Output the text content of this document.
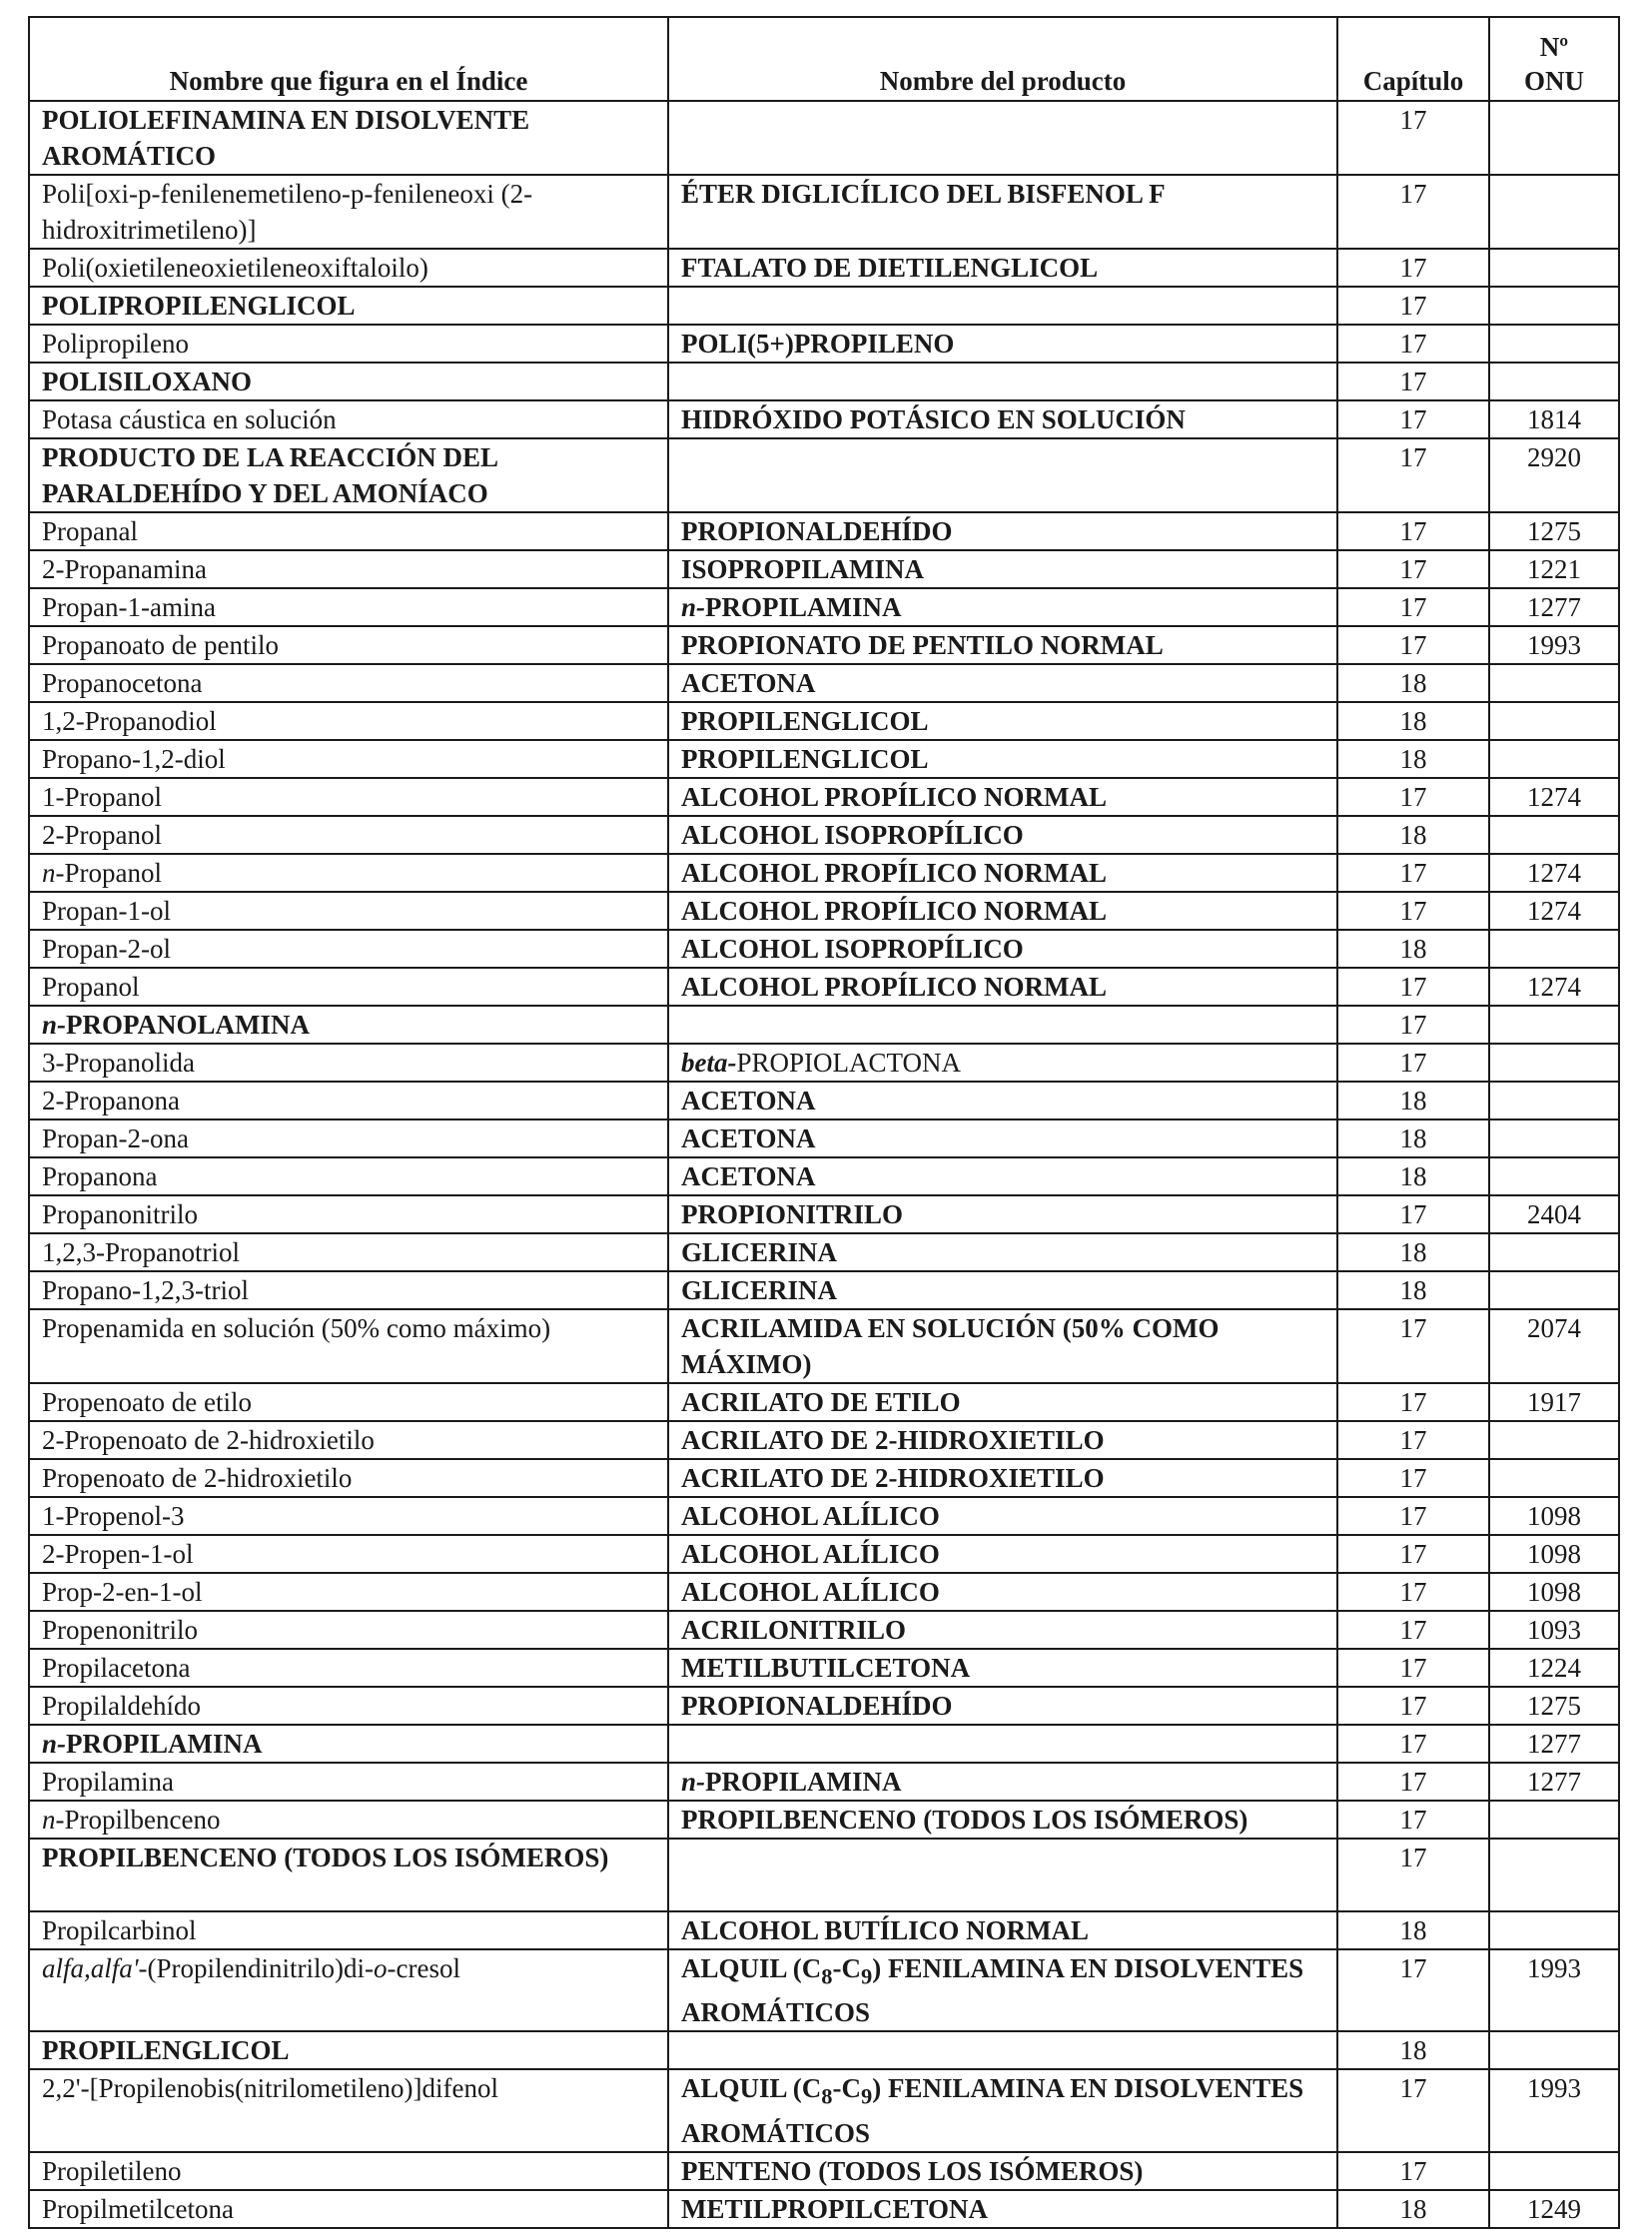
Nombre que figura en el Índice	Nombre del producto	Capítulo	Nº
ONU
POLIOLEFINAMINA EN DISOLVENTE AROMÁTICO		17	
Poli[oxi-p-fenilenemetileno-p-fenileneoxi (2-hidroxitrimetileno)]	ÉTER DIGLICÍLICO DEL BISFENOL F	17	
Poli(oxietileneoxietileneoxiftaloilo)	FTALATO DE DIETILENGLICOL	17	
POLIPROPILENGLICOL		17	
Polipropileno	POLI(5+)PROPILENO	17	
POLISILOXANO		17	
Potasa cáustica en solución	HIDRÓXIDO POTÁSICO EN SOLUCIÓN	17	1814
PRODUCTO DE LA REACCIÓN DEL PARALDEHÍDO Y DEL AMONÍACO		17	2920
Propanal	PROPIONALDEHÍDO	17	1275
2-Propanamina	ISOPROPILAMINA	17	1221
Propan-1-amina	n-PROPILAMINA	17	1277
Propanoato de pentilo	PROPIONATO DE PENTILO NORMAL	17	1993
Propanocetona	ACETONA	18	
1,2-Propanodiol	PROPILENGLICOL	18	
Propano-1,2-diol	PROPILENGLICOL	18	
1-Propanol	ALCOHOL PROPÍLICO NORMAL	17	1274
2-Propanol	ALCOHOL ISOPROPÍLICO	18	
n-Propanol	ALCOHOL PROPÍLICO NORMAL	17	1274
Propan-1-ol	ALCOHOL PROPÍLICO NORMAL	17	1274
Propan-2-ol	ALCOHOL ISOPROPÍLICO	18	
Propanol	ALCOHOL PROPÍLICO NORMAL	17	1274
n-PROPANOLAMINA		17	
3-Propanolida	beta-PROPIOLACTONA	17	
2-Propanona	ACETONA	18	
Propan-2-ona	ACETONA	18	
Propanona	ACETONA	18	
Propanonitrilo	PROPIONITRILO	17	2404
1,2,3-Propanotriol	GLICERINA	18	
Propano-1,2,3-triol	GLICERINA	18	
Propenamida en solución (50% como máximo)	ACRILAMIDA EN SOLUCIÓN (50% COMO MÁXIMO)	17	2074
Propenoato de etilo	ACRILATO DE ETILO	17	1917
2-Propenoato de 2-hidroxietilo	ACRILATO DE 2-HIDROXIETILO	17	
Propenoato de 2-hidroxietilo	ACRILATO DE 2-HIDROXIETILO	17	
1-Propenol-3	ALCOHOL ALÍLICO	17	1098
2-Propen-1-ol	ALCOHOL ALÍLICO	17	1098
Prop-2-en-1-ol	ALCOHOL ALÍLICO	17	1098
Propenonitrilo	ACRILONITRILO	17	1093
Propilacetona	METILBUTILCETONA	17	1224
Propilaldehído	PROPIONALDEHÍDO	17	1275
n-PROPILAMINA		17	1277
Propilamina	n-PROPILAMINA	17	1277
n-Propilbenceno	PROPILBENCENO (TODOS LOS ISÓMEROS)	17	
PROPILBENCENO (TODOS LOS ISÓMEROS)		17	
Propilcarbinol	ALCOHOL BUTÍLICO NORMAL	18	
alfa,alfa'-(Propilendinitrilo)di-o-cresol	ALQUIL $(C_8-C_9)$ FENILAMINA EN DISOLVENTES AROMÁTICOS	17	1993
PROPILENGLICOL		18	
2,2'-[Propilenobis(nitrilometileno)]difenol	ALQUIL $(C_8-C_9)$ FENILAMINA EN DISOLVENTES AROMÁTICOS	17	1993
Propiletileno	PENTENO (TODOS LOS ISÓMEROS)	17	
Propilmetilcetona	METILPROPILCETONA	18	1249
